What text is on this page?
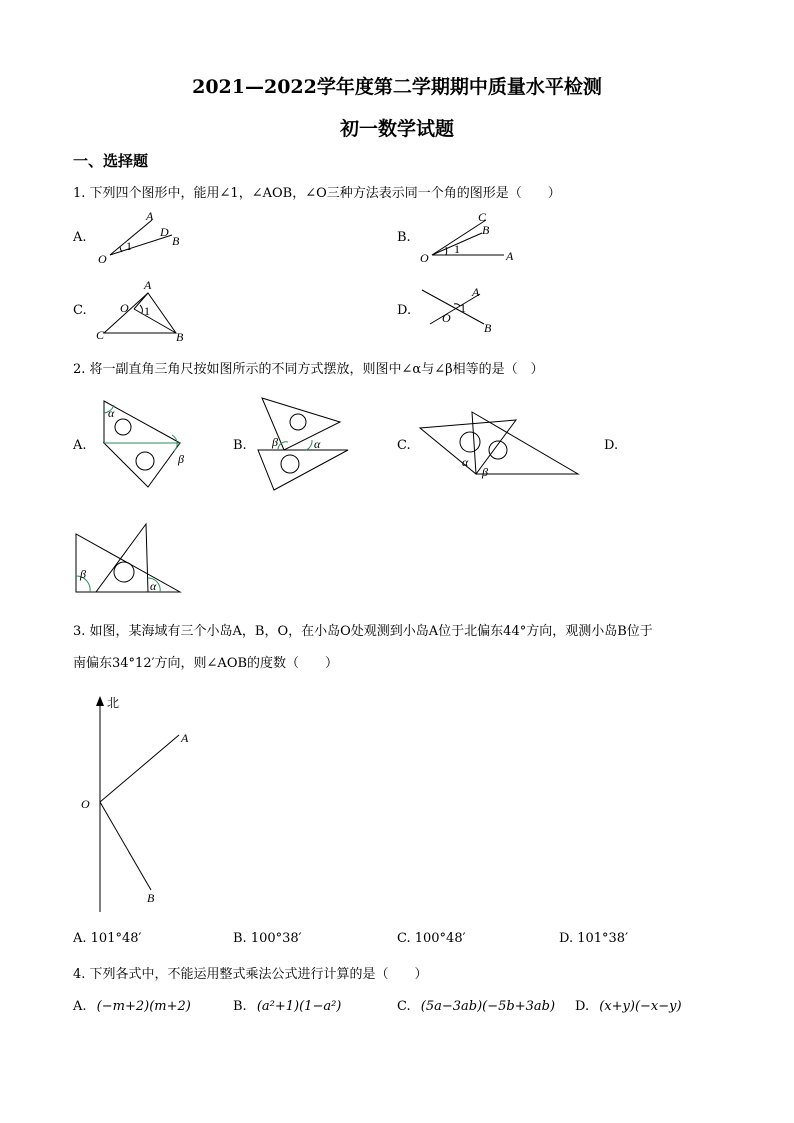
2021—2022学年度第二学期期中质量水平检测
初一数学试题
一、选择题
1. 下列四个图形中，能用∠1，∠AOB，∠O三种方法表示同一个角的图形是（　　）
A.
O
1
A
D
B	B.
O
1
C
B
A
C.
A
O 1
C	B
D.
A
1
O
B
2. 将一副直角三角尺按如图所示的不同方式摆放，则图中∠α与∠β相等的是（　）
A.
α
β
B. β	α	C.
α
β
D.
β
α
3. 如图，某海域有三个小岛A，B，O，在小岛O处观测到小岛A位于北偏东44°方向，观测小岛B位于
南偏东34°12′方向，则∠AOB的度数（　　）
北
O
A
B
A. 101°48′	B. 100°38′	C. 100°48′	D. 101°38′
4. 下列各式中，不能运用整式乘法公式进行计算的是（　　）
A. (−m+2)(m+2)	B. (a²+1)(1−a²)	C. (5a−3ab)(−5b+3ab) D. (x+y)(−x−y)
